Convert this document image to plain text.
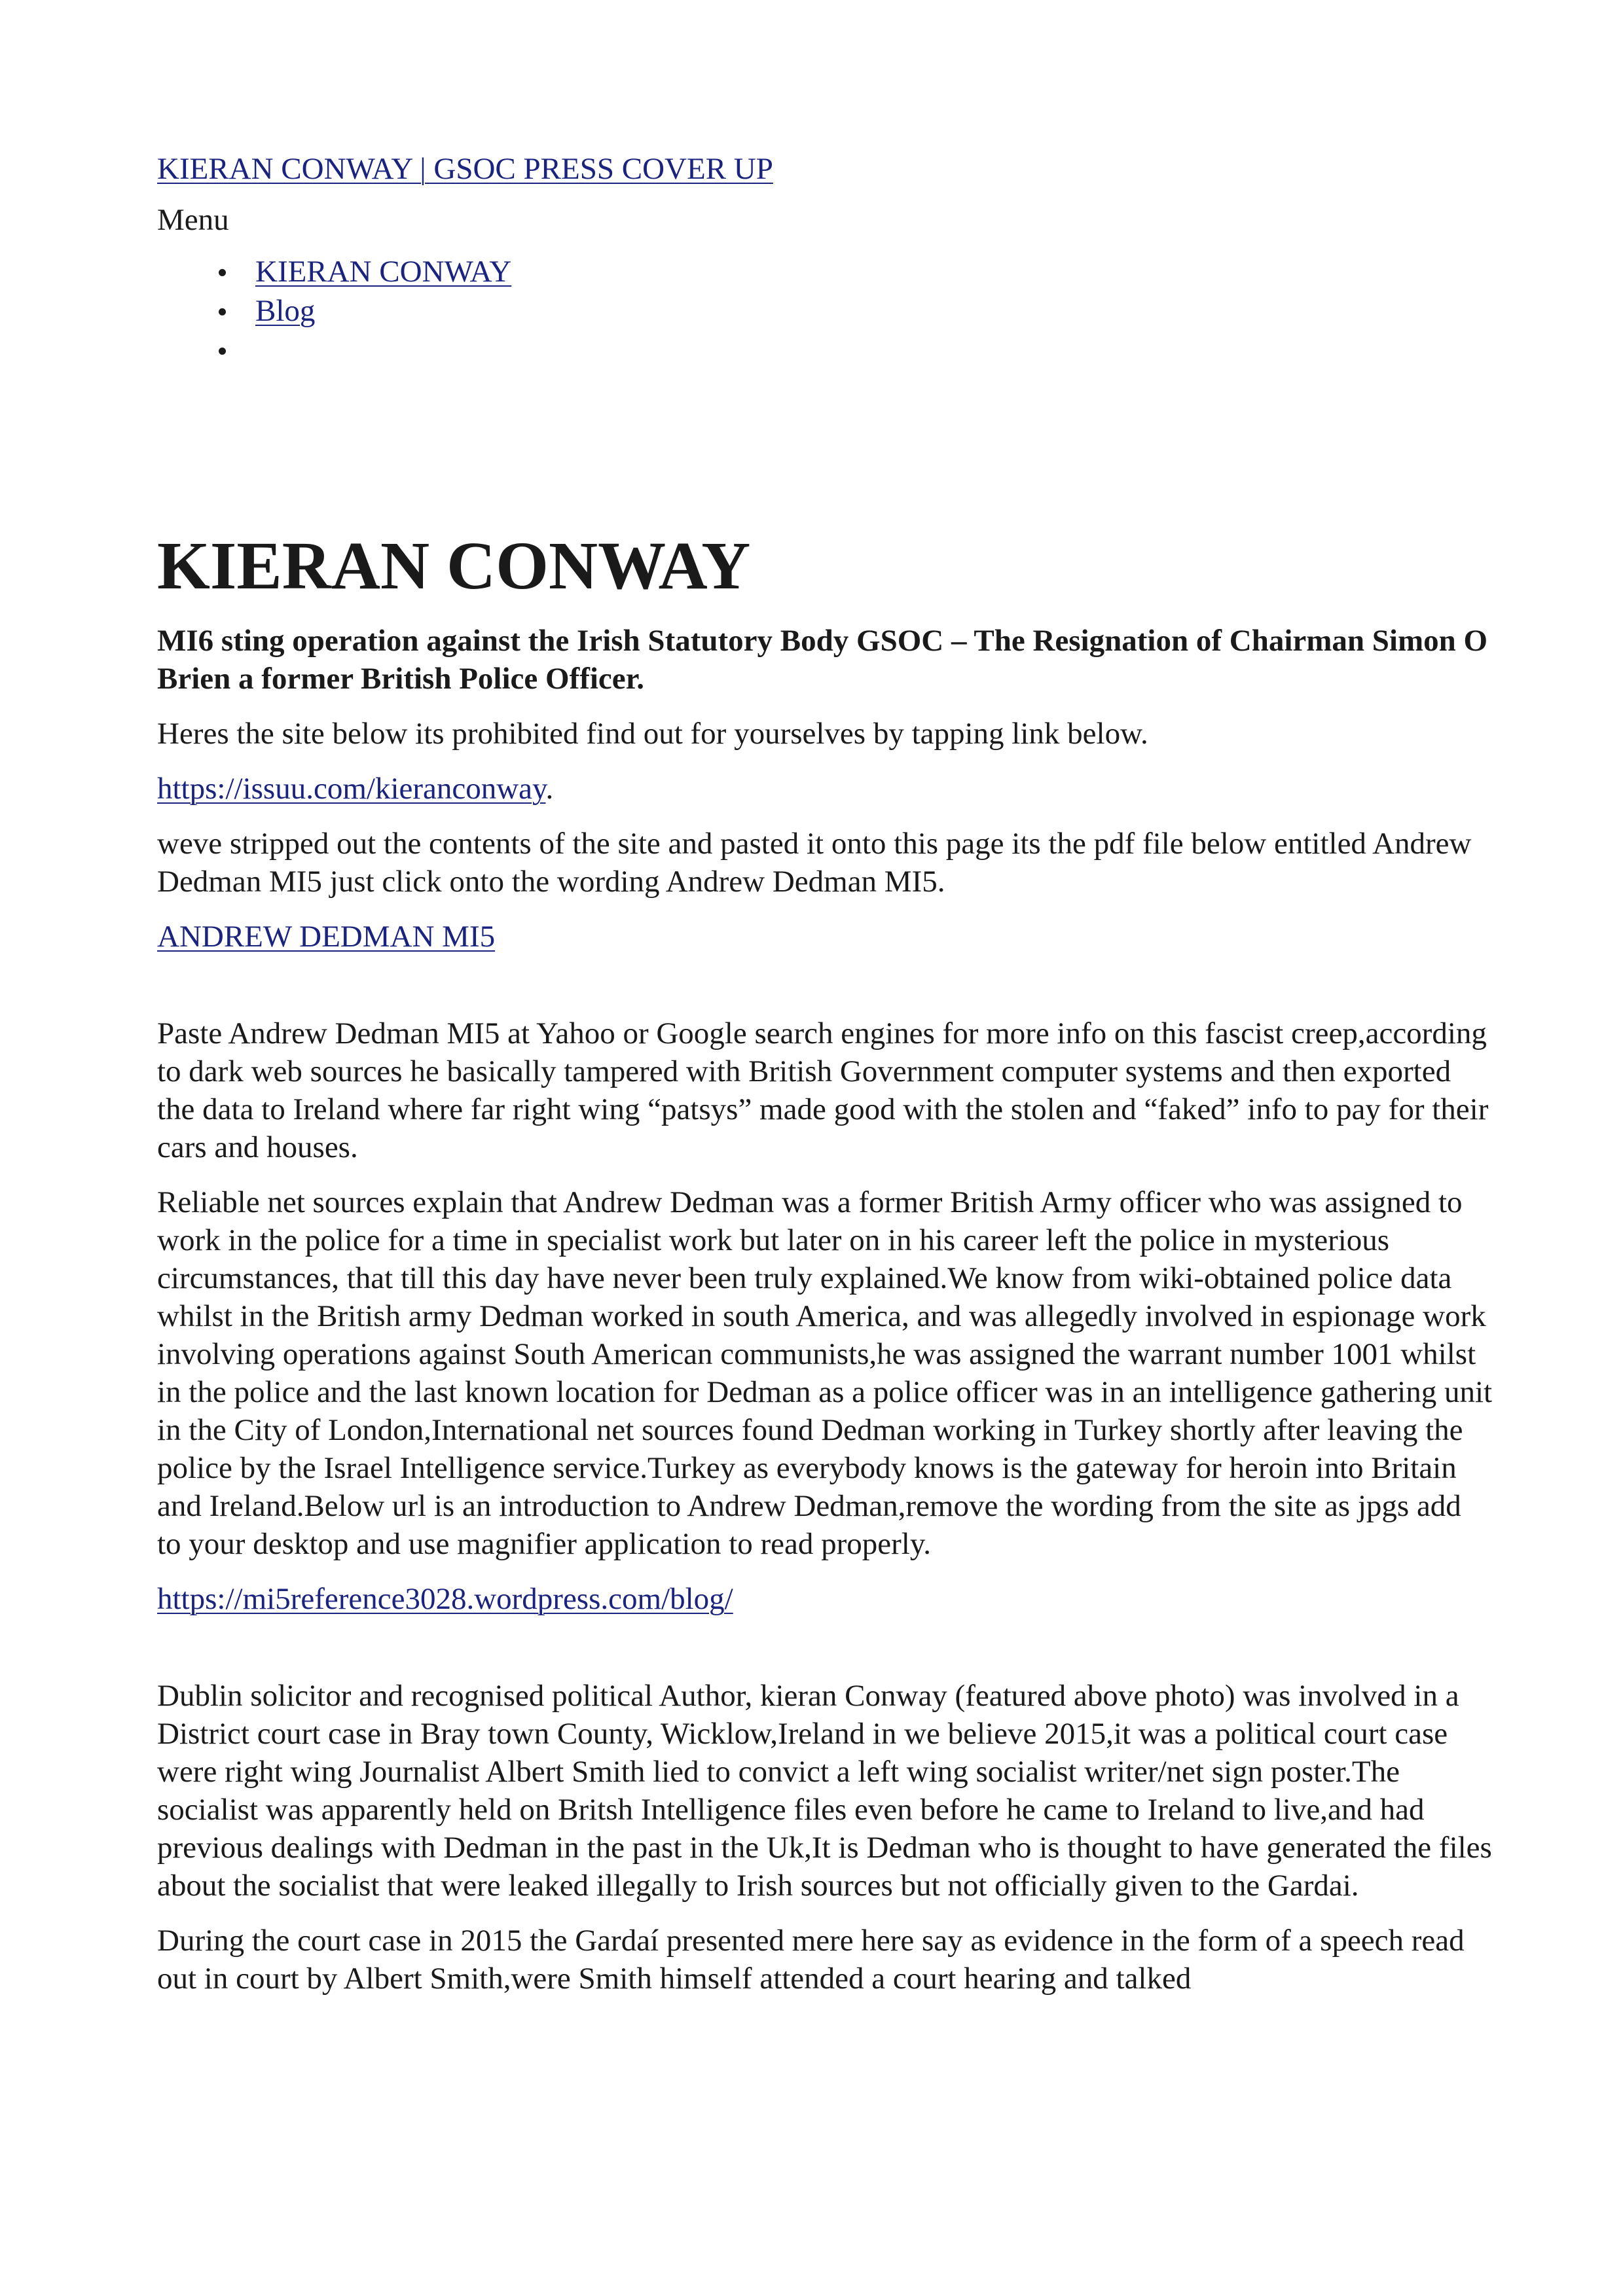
KIERAN CONWAY | GSOC PRESS COVER UP
Menu
KIERAN CONWAY
Blog
KIERAN CONWAY
MI6 sting operation against the Irish Statutory Body GSOC – The Resignation of Chairman Simon O Brien a former British Police Officer.

Heres the site below its prohibited find out for yourselves by tapping link below.

https://issuu.com/kieranconway.

weve stripped out the contents of the site and pasted it onto this page its the pdf file below entitled Andrew Dedman MI5 just click onto the wording Andrew Dedman MI5.

ANDREW DEDMAN MI5

Paste Andrew Dedman MI5 at Yahoo or Google search engines for more info on this fascist creep,according to dark web sources he basically tampered with British Government computer systems and then exported the data to Ireland where far right wing “patsys” made good with the stolen and “faked” info to pay for their cars and houses.

Reliable net sources explain that Andrew Dedman was a former British Army officer who was assigned to work in the police for a time in specialist work but later on in his career left the police in mysterious circumstances, that till this day have never been truly explained.We know from wiki-obtained police data whilst in the British army Dedman worked in south America, and was allegedly involved in espionage work involving operations against South American communists,he was assigned the warrant number 1001 whilst in the police and the last known location for Dedman as a police officer was in an intelligence gathering unit in the City of London,International net sources found Dedman working in Turkey shortly after leaving the police by the Israel Intelligence service.Turkey as everybody knows is the gateway for heroin into Britain and Ireland.Below url is an introduction to Andrew Dedman,remove the wording from the site as jpgs add to your desktop and use magnifier application to read properly.

https://mi5reference3028.wordpress.com/blog/

Dublin solicitor and recognised political Author, kieran Conway (featured above photo) was involved in a District court case in Bray town County, Wicklow,Ireland in we believe 2015,it was a political court case were right wing Journalist Albert Smith lied to convict a left wing socialist writer/net sign poster.The socialist was apparently held on Britsh Intelligence files even before he came to Ireland to live,and had previous dealings with Dedman in the past in the Uk,It is Dedman who is thought to have generated the files about the socialist that were leaked illegally to Irish sources but not officially given to the Gardai.

During the court case in 2015 the Gardaí presented mere here say as evidence in the form of a speech read out in court by Albert Smith,were Smith himself attended a court hearing and talked
